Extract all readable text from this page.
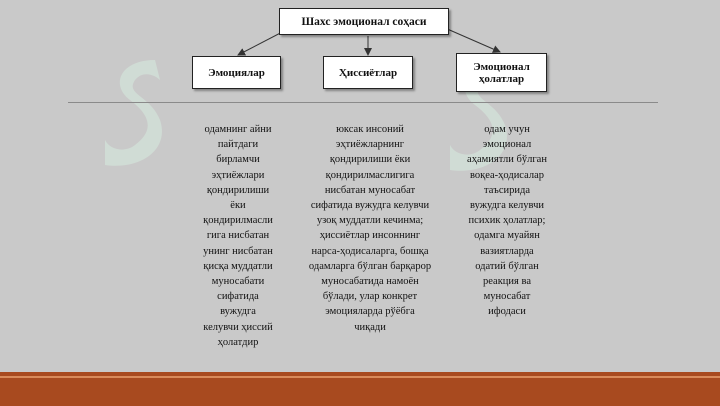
Шахс эмоционал соҳаси
Эмоциялар	Ҳиссиётлар	Эмоционал ҳолатлар
одамнинг айни
пайтдаги
бирламчи
эҳтиёжлари
қондирилиши
ёки
қондирилмасли
гига нисбатан
унинг нисбатан
қисқа муддатли
муносабати
сифатида
вужудга
келувчи ҳиссий
ҳолатдир
юксак инсоний
эҳтиёжларнинг
қондирилиши ёки
қондирилмаслигига
нисбатан муносабат
сифатида вужудга келувчи
узоқ муддатли кечинма;
ҳиссиётлар инсоннинг
нарса-ҳодисаларга, бошқа
одамларга бўлган барқарор
муносабатида намоён
бўлади, улар конкрет
эмоцияларда рўёбга
чиқади
одам учун
эмоционал
аҳамиятли бўлган
воқеа-ҳодисалар
таъсирида
вужудга келувчи
психик ҳолатлар;
одамга муайян
вазиятларда
одатий бўлган
реакция ва
муносабат
ифодаси
